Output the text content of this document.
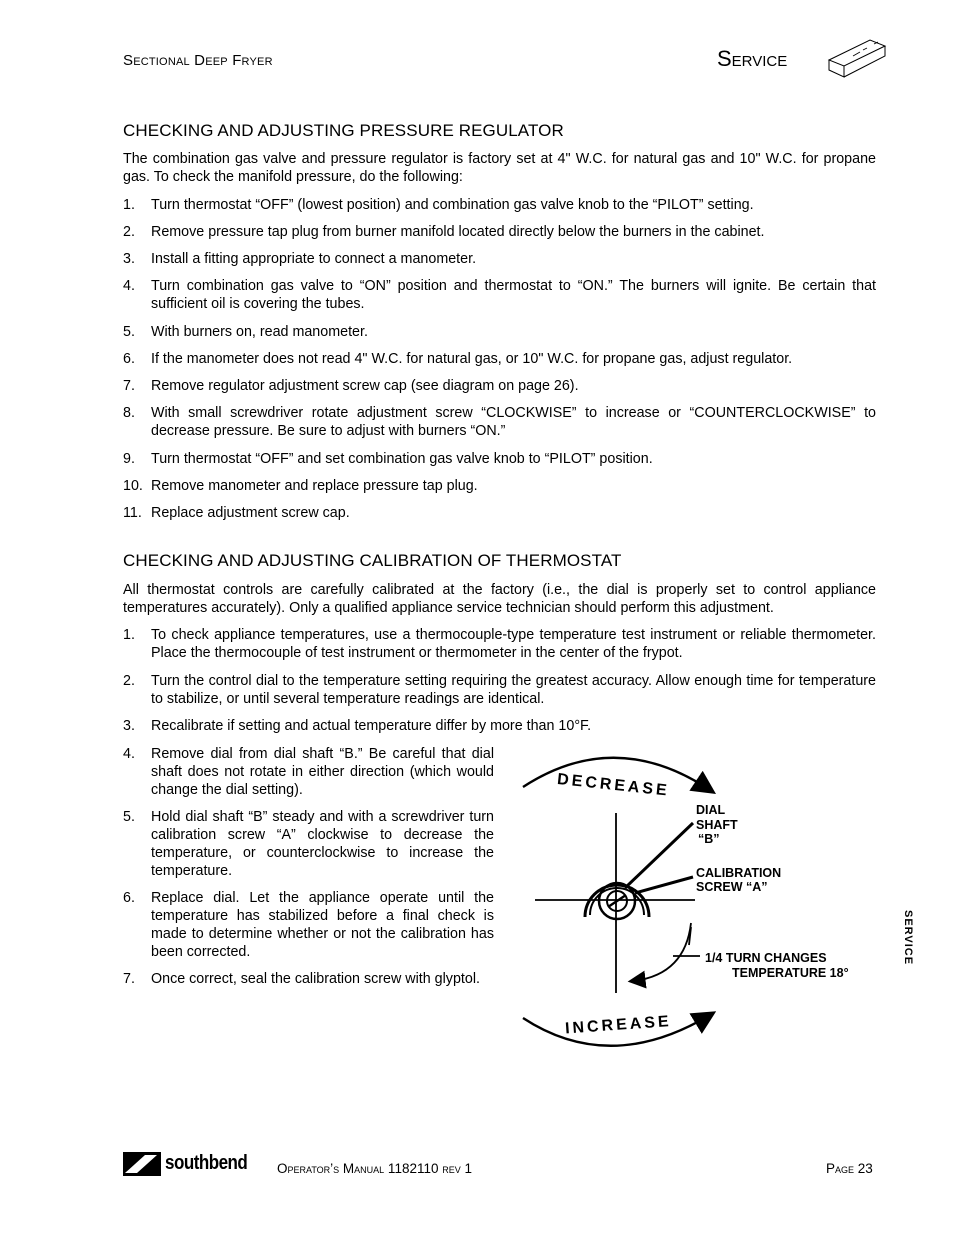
Sectional Deep Fryer	Service
CHECKING AND ADJUSTING PRESSURE REGULATOR

The combination gas valve and pressure regulator is factory set at 4" W.C. for natural gas and 10" W.C. for propane gas. To check the manifold pressure, do the following:

1.	Turn thermostat “OFF” (lowest position) and combination gas valve knob to the “PILOT” setting.
2.	Remove pressure tap plug from burner manifold located directly below the burners in the cabinet.
3.	Install a fitting appropriate to connect a manometer.
4.	Turn combination gas valve to “ON” position and thermostat to “ON.” The burners will ignite. Be certain that sufficient oil is covering the tubes.
5.	With burners on, read manometer.
6.	If the manometer does not read 4" W.C. for natural gas, or 10" W.C. for propane gas, adjust regulator.
7.	Remove regulator adjustment screw cap (see diagram on page 26).
8.	With small screwdriver rotate adjustment screw “CLOCKWISE” to increase or “COUNTERCLOCKWISE” to decrease pressure. Be sure to adjust with burners “ON.”
9.	Turn thermostat “OFF” and set combination gas valve knob to “PILOT” position.
10. Remove manometer and replace pressure tap plug.
11. Replace adjustment screw cap.
CHECKING AND ADJUSTING CALIBRATION OF THERMOSTAT

All thermostat controls are carefully calibrated at the factory (i.e., the dial is properly set to control appliance temperatures accurately). Only a qualified appliance service technician should perform this adjustment.

1.	To check appliance temperatures, use a thermocouple-type temperature test instrument or reliable thermometer. Place the thermocouple of test instrument or thermometer in the center of the frypot.
2.	Turn the control dial to the temperature setting requiring the greatest accuracy. Allow enough time for temperature to stabilize, or until several temperature readings are identical.
3.	Recalibrate if setting and actual temperature differ by more than 10°F.
4.	Remove dial from dial shaft “B.” Be careful that dial shaft does not rotate in either direction (which would change the dial setting).
5.	Hold dial shaft “B” steady and with a screwdriver turn calibration screw “A” clockwise to decrease the temperature, or counterclockwise to increase the temperature.
6.	Replace dial. Let the appliance operate until the temperature has stabilized before a final check is made to determine whether or not the calibration has been corrected.
7.	Once correct, seal the calibration screw with glyptol.
DECREASE
INCREASE
DIAL
SHAFT
“B”
CALIBRATION
SCREW “A”
1/4 TURN CHANGES
TEMPERATURE 18°
SERVICE
southbend Operator’s Manual 1182110 rev 1	Page 23
